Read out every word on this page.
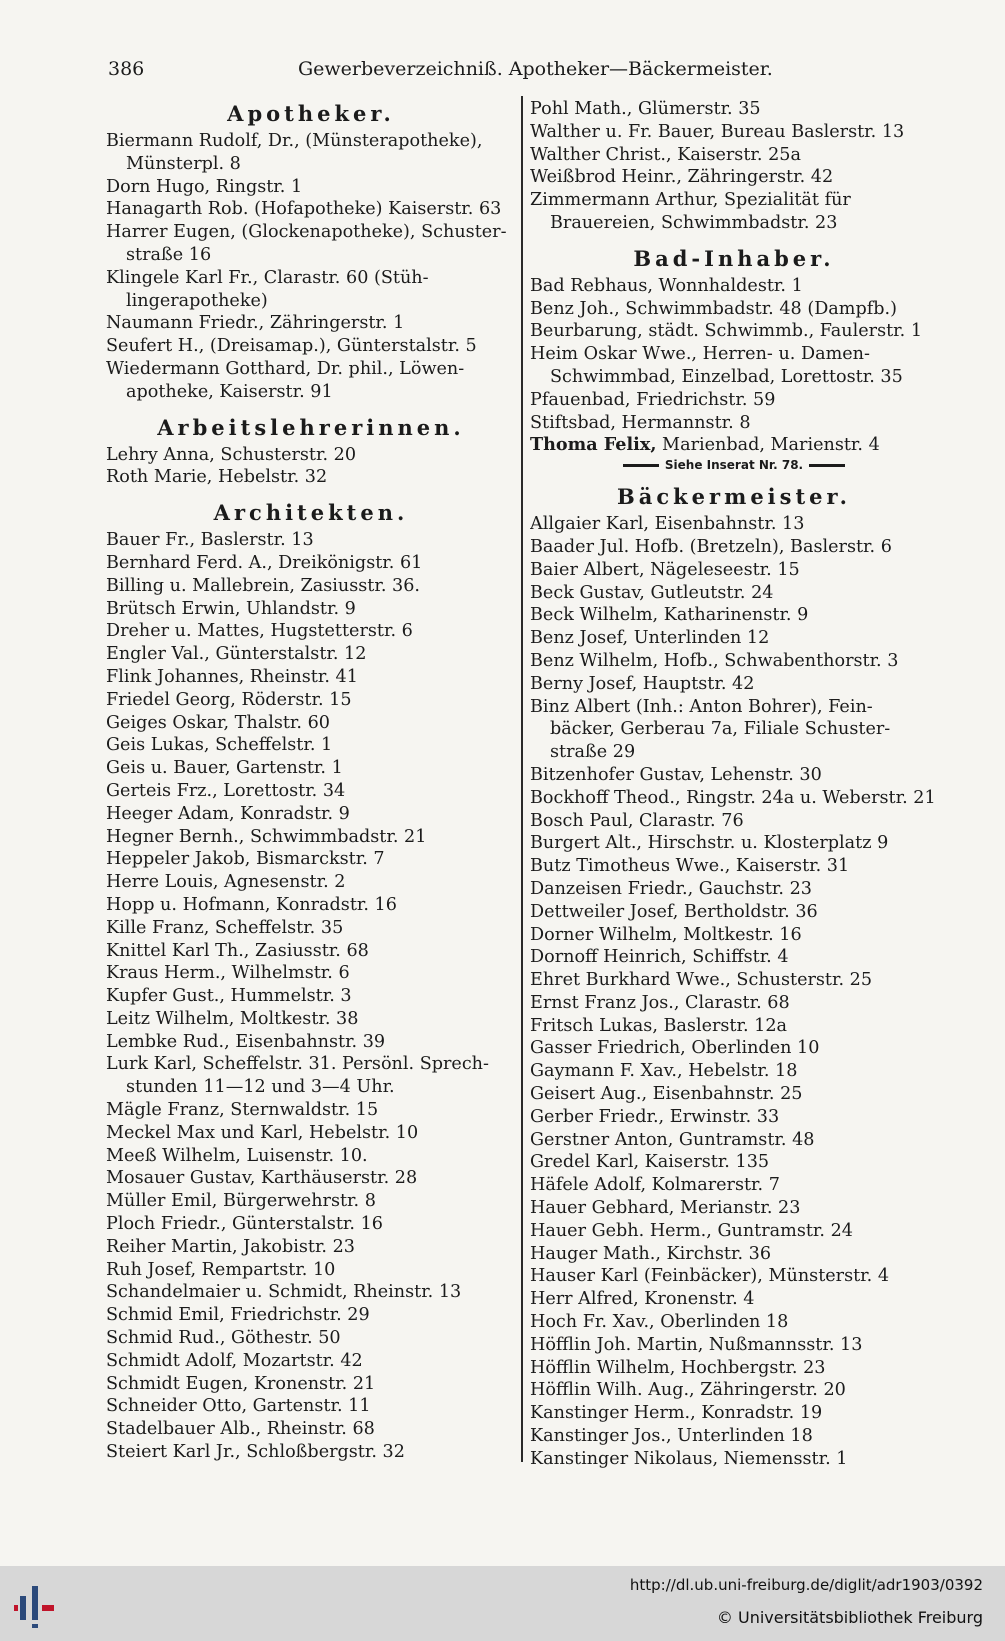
386	Gewerbeverzeichniß. Apotheker—Bäckermeister.
Apotheker.
Biermann Rudolf, Dr., (Münsterapotheke),
Münsterpl. 8
Dorn Hugo, Ringstr. 1
Hanagarth Rob. (Hofapotheke) Kaiserstr. 63
Harrer Eugen, (Glockenapotheke), Schuster-
straße 16
Klingele Karl Fr., Clarastr. 60 (Stüh-
lingerapotheke)
Naumann Friedr., Zähringerstr. 1
Seufert H., (Dreisamap.), Günterstalstr. 5
Wiedermann Gotthard, Dr. phil., Löwen-
apotheke, Kaiserstr. 91
Arbeitslehrerinnen.
Lehry Anna, Schusterstr. 20
Roth Marie, Hebelstr. 32
Architekten.
Bauer Fr., Baslerstr. 13
Bernhard Ferd. A., Dreikönigstr. 61
Billing u. Mallebrein, Zasiusstr. 36.
Brütsch Erwin, Uhlandstr. 9
Dreher u. Mattes, Hugstetterstr. 6
Engler Val., Günterstalstr. 12
Flink Johannes, Rheinstr. 41
Friedel Georg, Röderstr. 15
Geiges Oskar, Thalstr. 60
Geis Lukas, Scheffelstr. 1
Geis u. Bauer, Gartenstr. 1
Gerteis Frz., Lorettostr. 34
Heeger Adam, Konradstr. 9
Hegner Bernh., Schwimmbadstr. 21
Heppeler Jakob, Bismarckstr. 7
Herre Louis, Agnesenstr. 2
Hopp u. Hofmann, Konradstr. 16
Kille Franz, Scheffelstr. 35
Knittel Karl Th., Zasiusstr. 68
Kraus Herm., Wilhelmstr. 6
Kupfer Gust., Hummelstr. 3
Leitz Wilhelm, Moltkestr. 38
Lembke Rud., Eisenbahnstr. 39
Lurk Karl, Scheffelstr. 31. Persönl. Sprech-
stunden 11—12 und 3—4 Uhr.
Mägle Franz, Sternwaldstr. 15
Meckel Max und Karl, Hebelstr. 10
Meeß Wilhelm, Luisenstr. 10.
Mosauer Gustav, Karthäuserstr. 28
Müller Emil, Bürgerwehrstr. 8
Ploch Friedr., Günterstalstr. 16
Reiher Martin, Jakobistr. 23
Ruh Josef, Rempartstr. 10
Schandelmaier u. Schmidt, Rheinstr. 13
Schmid Emil, Friedrichstr. 29
Schmid Rud., Göthestr. 50
Schmidt Adolf, Mozartstr. 42
Schmidt Eugen, Kronenstr. 21
Schneider Otto, Gartenstr. 11
Stadelbauer Alb., Rheinstr. 68
Steiert Karl Jr., Schloßbergstr. 32
Pohl Math., Glümerstr. 35
Walther u. Fr. Bauer, Bureau Baslerstr. 13
Walther Christ., Kaiserstr. 25a
Weißbrod Heinr., Zähringerstr. 42
Zimmermann Arthur, Spezialität für
Brauereien, Schwimmbadstr. 23
Bad-Inhaber.
Bad Rebhaus, Wonnhaldestr. 1
Benz Joh., Schwimmbadstr. 48 (Dampfb.)
Beurbarung, städt. Schwimmb., Faulerstr. 1
Heim Oskar Wwe., Herren- u. Damen-
Schwimmbad, Einzelbad, Lorettostr. 35
Pfauenbad, Friedrichstr. 59
Stiftsbad, Hermannstr. 8
Thoma Felix, Marienbad, Marienstr. 4
Siehe Inserat Nr. 78.
Bäckermeister.
Allgaier Karl, Eisenbahnstr. 13
Baader Jul. Hofb. (Bretzeln), Baslerstr. 6
Baier Albert, Nägeleseestr. 15
Beck Gustav, Gutleutstr. 24
Beck Wilhelm, Katharinenstr. 9
Benz Josef, Unterlinden 12
Benz Wilhelm, Hofb., Schwabenthorstr. 3
Berny Josef, Hauptstr. 42
Binz Albert (Inh.: Anton Bohrer), Fein-
bäcker, Gerberau 7a, Filiale Schuster-
straße 29
Bitzenhofer Gustav, Lehenstr. 30
Bockhoff Theod., Ringstr. 24a u. Weberstr. 21
Bosch Paul, Clarastr. 76
Burgert Alt., Hirschstr. u. Klosterplatz 9
Butz Timotheus Wwe., Kaiserstr. 31
Danzeisen Friedr., Gauchstr. 23
Dettweiler Josef, Bertholdstr. 36
Dorner Wilhelm, Moltkestr. 16
Dornoff Heinrich, Schiffstr. 4
Ehret Burkhard Wwe., Schusterstr. 25
Ernst Franz Jos., Clarastr. 68
Fritsch Lukas, Baslerstr. 12a
Gasser Friedrich, Oberlinden 10
Gaymann F. Xav., Hebelstr. 18
Geisert Aug., Eisenbahnstr. 25
Gerber Friedr., Erwinstr. 33
Gerstner Anton, Guntramstr. 48
Gredel Karl, Kaiserstr. 135
Häfele Adolf, Kolmarerstr. 7
Hauer Gebhard, Merianstr. 23
Hauer Gebh. Herm., Guntramstr. 24
Hauger Math., Kirchstr. 36
Hauser Karl (Feinbäcker), Münsterstr. 4
Herr Alfred, Kronenstr. 4
Hoch Fr. Xav., Oberlinden 18
Höfflin Joh. Martin, Nußmannsstr. 13
Höfflin Wilhelm, Hochbergstr. 23
Höfflin Wilh. Aug., Zähringerstr. 20
Kanstinger Herm., Konradstr. 19
Kanstinger Jos., Unterlinden 18
Kanstinger Nikolaus, Niemensstr. 1
http://dl.ub.uni-freiburg.de/diglit/adr1903/0392
© Universitätsbibliothek Freiburg
